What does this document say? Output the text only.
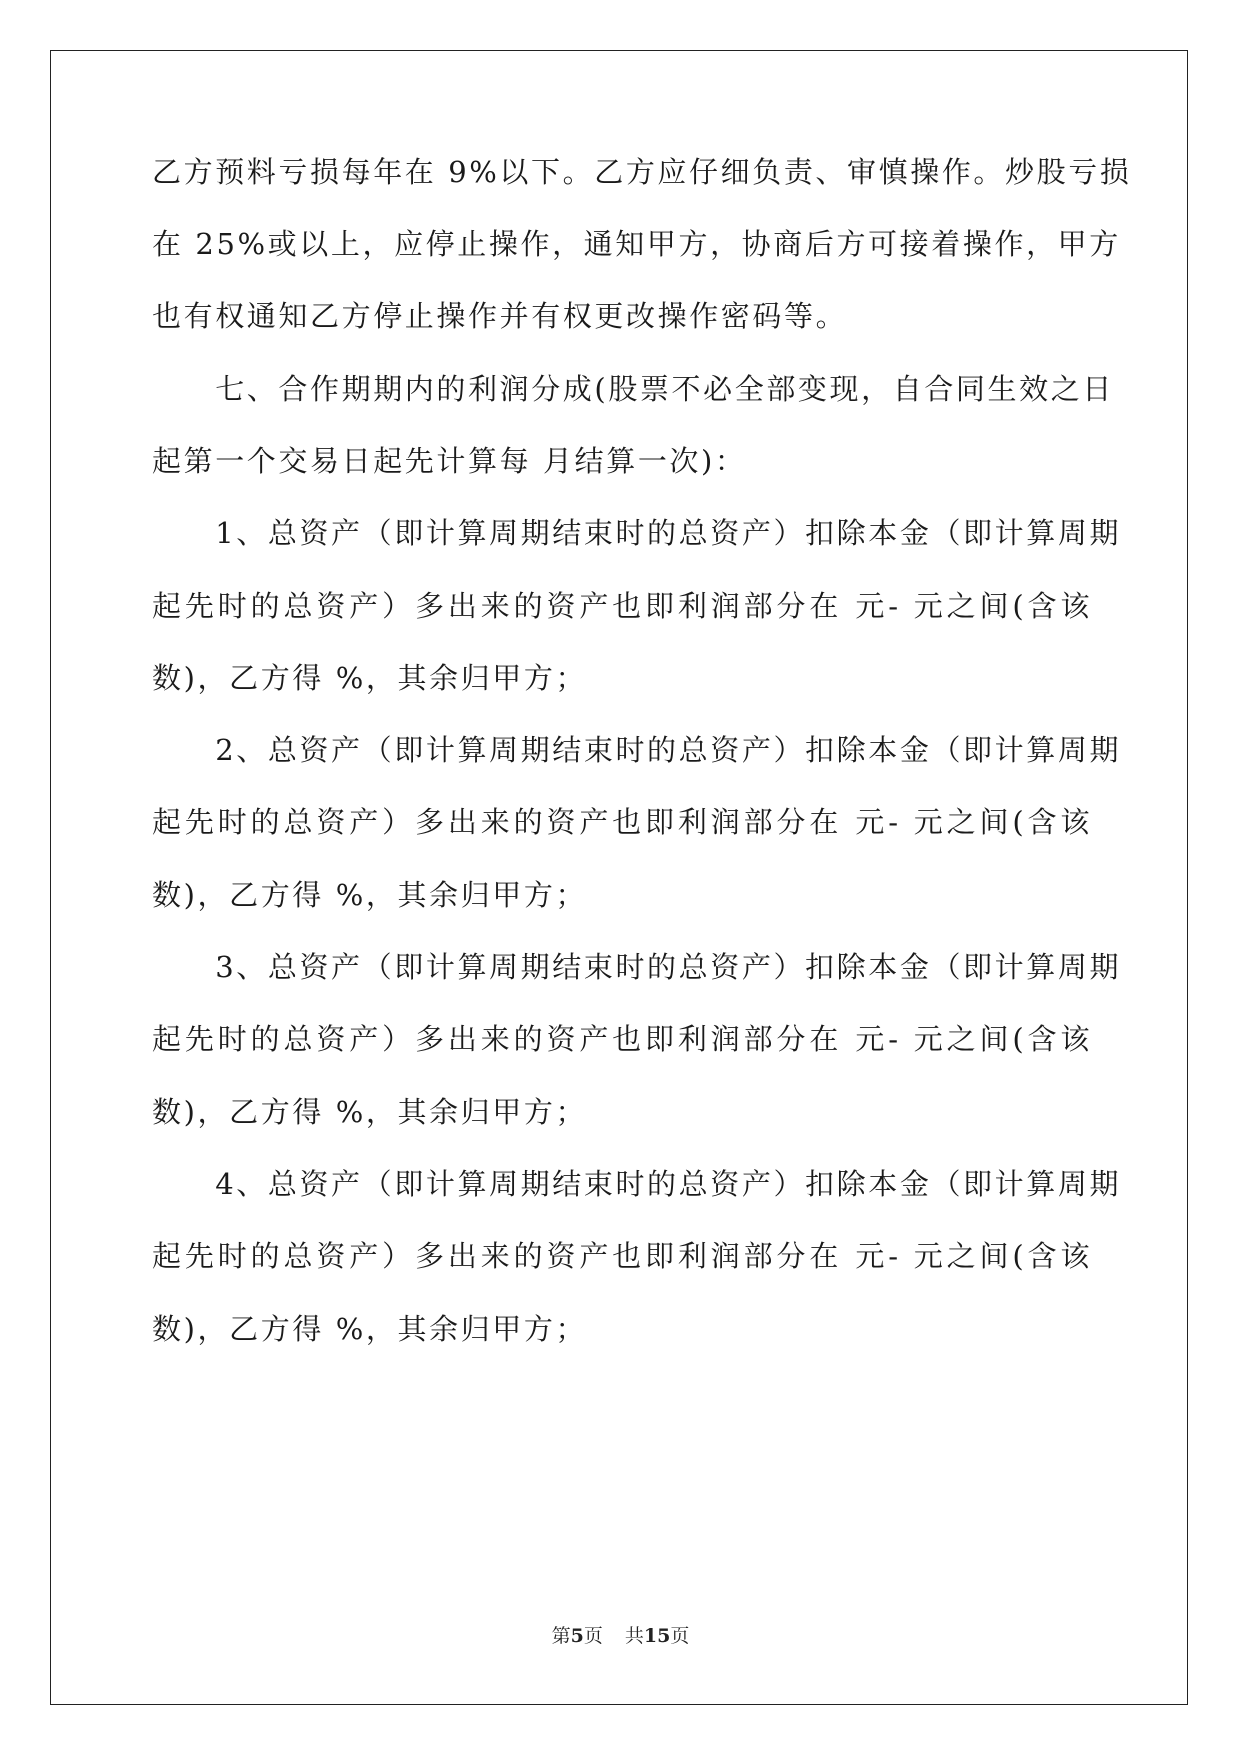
乙方预料亏损每年在 9%以下。乙方应仔细负责、审慎操作。炒股亏损
在 25%或以上，应停止操作，通知甲方，协商后方可接着操作，甲方
也有权通知乙方停止操作并有权更改操作密码等。
　　七、合作期期内的利润分成(股票不必全部变现，自合同生效之日
起第一个交易日起先计算每 月结算一次)：
　　1、总资产（即计算周期结束时的总资产）扣除本金（即计算周期
起先时的总资产）多出来的资产也即利润部分在 元- 元之间(含该
数)，乙方得 %，其余归甲方；
　　2、总资产（即计算周期结束时的总资产）扣除本金（即计算周期
起先时的总资产）多出来的资产也即利润部分在 元- 元之间(含该
数)，乙方得 %，其余归甲方；
　　3、总资产（即计算周期结束时的总资产）扣除本金（即计算周期
起先时的总资产）多出来的资产也即利润部分在 元- 元之间(含该
数)，乙方得 %，其余归甲方；
　　4、总资产（即计算周期结束时的总资产）扣除本金（即计算周期
起先时的总资产）多出来的资产也即利润部分在 元- 元之间(含该
数)，乙方得 %，其余归甲方；
第5页 共15页
